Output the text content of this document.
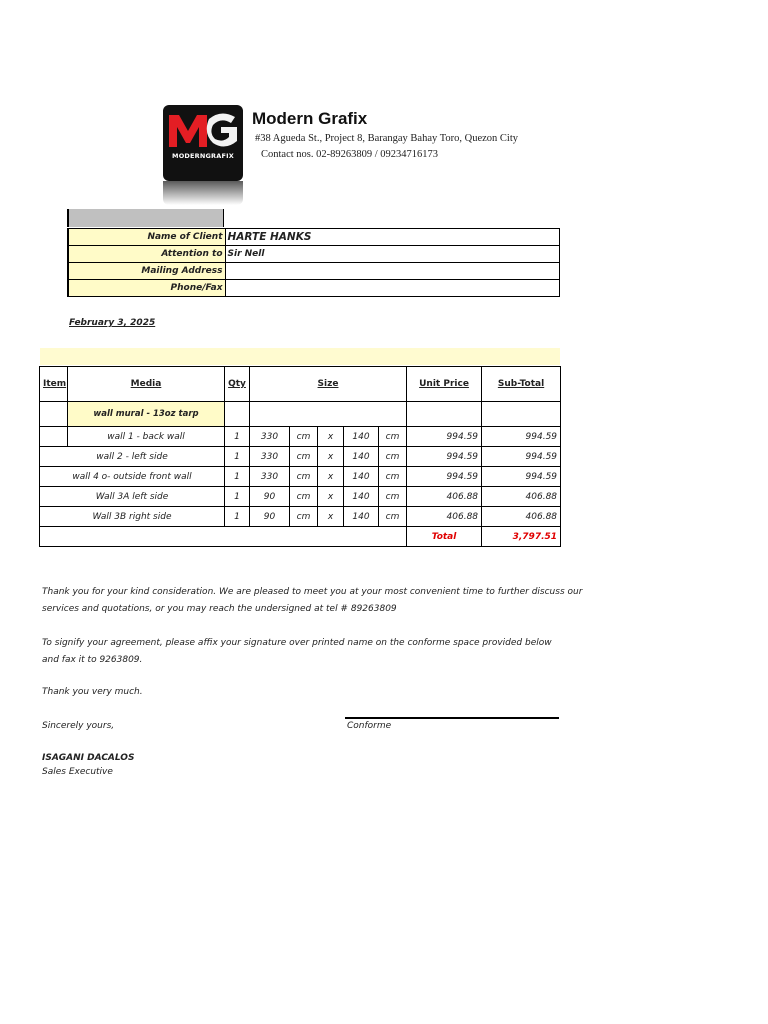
MODERNGRAFIX
Modern Grafix
#38 Agueda St., Project 8, Barangay Bahay Toro, Quezon City
Contact nos. 02-89263809 / 09234716173
Name of Client	HARTE HANKS
Attention to	Sir Nell
Mailing Address	
Phone/Fax	
February 3, 2025
Item	Media	Qty	Size					Unit Price	Sub-Total
	wall mural - 13oz tarp								
	wall 1 - back wall	1	330	cm	x	140	cm	994.59	994.59
wall 2 - left side		1	330	cm	x	140	cm	994.59	994.59
wall 4 o- outside front wall		1	330	cm	x	140	cm	994.59	994.59
Wall 3A left side		1	90	cm	x	140	cm	406.88	406.88
Wall 3B right side		1	90	cm	x	140	cm	406.88	406.88
								Total	3,797.51
Thank you for your kind consideration. We are pleased to meet you at your most convenient time to further discuss our
services and quotations, or you may reach the undersigned at tel # 89263809
To signify your agreement, please affix your signature over printed name on the conforme space provided below
and fax it to 9263809.
Thank you very much.
Sincerely yours,	Conforme
ISAGANI DACALOS
Sales Executive
